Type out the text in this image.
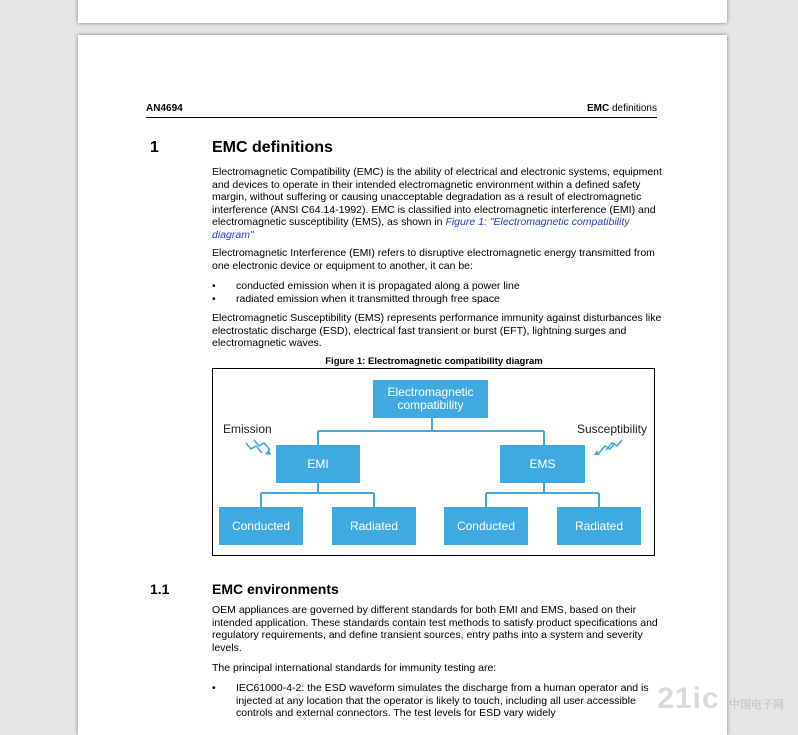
AN4694	EMC definitions
1	EMC definitions

Electromagnetic Compatibility (EMC) is the ability of electrical and electronic systems, equipment and devices to operate in their intended electromagnetic environment within a defined safety margin, without suffering or causing unacceptable degradation as a result of electromagnetic interference (ANSI C64.14-1992). EMC is classified into electromagnetic interference (EMI) and electromagnetic susceptibility (EMS), as shown in Figure 1: "Electromagnetic compatibility diagram"

Electromagnetic Interference (EMI) refers to disruptive electromagnetic energy transmitted from one electronic device or equipment to another, it can be:
• conducted emission when it is propagated along a power line
• radiated emission when it transmitted through free space
Electromagnetic Susceptibility (EMS) represents performance immunity against disturbances like electrostatic discharge (ESD), electrical fast transient or burst (EFT), lightning surges and electromagnetic waves.
Figure 1: Electromagnetic compatibility diagram
Electromagnetic compatibility
Emission	Susceptibility
EMI	EMS
Conducted	Radiated	Conducted	Radiated
1.1	EMC environments
OEM appliances are governed by different standards for both EMI and EMS, based on their intended application. These standards contain test methods to satisfy product specifications and regulatory requirements, and define transient sources, entry paths into a system and severity levels.
The principal international standards for immunity testing are:
• IEC61000-4-2: the ESD waveform simulates the discharge from a human operator and is injected at any location that the operator is likely to touch, including all user accessible controls and external connectors. The test levels for ESD vary widely	21ic 中国电子网
